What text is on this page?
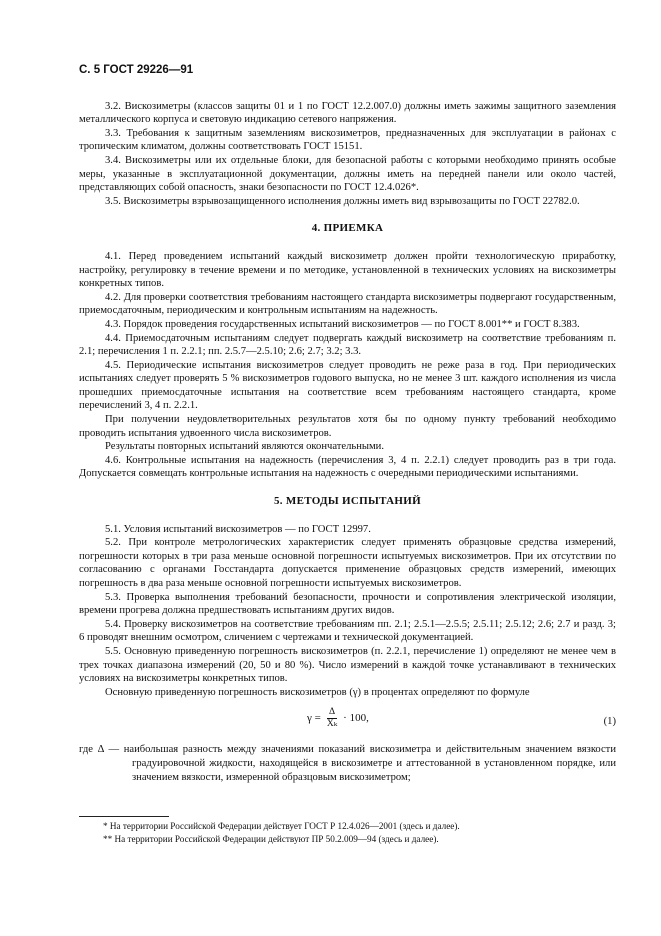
С. 5 ГОСТ 29226—91

3.2. Вискозиметры (классов защиты 01 и 1 по ГОСТ 12.2.007.0) должны иметь зажимы защитного заземления металлического корпуса и световую индикацию сетевого напряжения.

3.3. Требования к защитным заземлениям вискозиметров, предназначенных для эксплуатации в районах с тропическим климатом, должны соответствовать ГОСТ 15151.

3.4. Вискозиметры или их отдельные блоки, для безопасной работы с которыми необходимо принять особые меры, указанные в эксплуатационной документации, должны иметь на передней панели или около частей, представляющих собой опасность, знаки безопасности по ГОСТ 12.4.026*.

3.5. Вискозиметры взрывозащищенного исполнения должны иметь вид взрывозащиты по ГОСТ 22782.0.

4. ПРИЕМКА

4.1. Перед проведением испытаний каждый вискозиметр должен пройти технологическую приработку, настройку, регулировку в течение времени и по методике, установленной в технических условиях на вискозиметры конкретных типов.

4.2. Для проверки соответствия требованиям настоящего стандарта вискозиметры подвергают государственным, приемосдаточным, периодическим и контрольным испытаниям на надежность.

4.3. Порядок проведения государственных испытаний вискозиметров — по ГОСТ 8.001** и ГОСТ 8.383.

4.4. Приемосдаточным испытаниям следует подвергать каждый вискозиметр на соответствие требованиям п. 2.1; перечисления 1 п. 2.2.1; пп. 2.5.7—2.5.10; 2.6; 2.7; 3.2; 3.3.

4.5. Периодические испытания вискозиметров следует проводить не реже раза в год. При периодических испытаниях следует проверять 5 % вискозиметров годового выпуска, но не менее 3 шт. каждого исполнения из числа прошедших приемосдаточные испытания на соответствие всем требованиям настоящего стандарта, кроме перечислений 3, 4 п. 2.2.1.

При получении неудовлетворительных результатов хотя бы по одному пункту требований необходимо проводить испытания удвоенного числа вискозиметров.

Результаты повторных испытаний являются окончательными.

4.6. Контрольные испытания на надежность (перечисления 3, 4 п. 2.2.1) следует проводить раз в три года. Допускается совмещать контрольные испытания на надежность с очередными периодическими испытаниями.

5. МЕТОДЫ ИСПЫТАНИЙ

5.1. Условия испытаний вискозиметров — по ГОСТ 12997.

5.2. При контроле метрологических характеристик следует применять образцовые средства измерений, погрешности которых в три раза меньше основной погрешности испытуемых вискозиметров. При их отсутствии по согласованию с органами Госстандарта допускается применение образцовых средств измерений, имеющих погрешность в два раза меньше основной погрешности испытуемых вискозиметров.

5.3. Проверка выполнения требований безопасности, прочности и сопротивления электрической изоляции, времени прогрева должна предшествовать испытаниям других видов.

5.4. Проверку вискозиметров на соответствие требованиям пп. 2.1; 2.5.1—2.5.5; 2.5.11; 2.5.12; 2.6; 2.7 и разд. 3; 6 проводят внешним осмотром, сличением с чертежами и технической документацией.

5.5. Основную приведенную погрешность вискозиметров (п. 2.2.1, перечисление 1) определяют не менее чем в трех точках диапазона измерений (20, 50 и 80 %). Число измерений в каждой точке устанавливают в технических условиях на вискозиметры конкретных типов.

Основную приведенную погрешность вискозиметров (γ) в процентах определяют по формуле

$\gamma = \frac{\Delta}{\text{Xₖ}} \cdot 100$,	(1)

где Δ — наибольшая разность между значениями показаний вискозиметра и действительным значением вязкости градуировочной жидкости, находящейся в вискозиметре и аттестованной в установленном порядке, или значением вязкости, измеренной образцовым вискозиметром;

* На территории Российской Федерации действует ГОСТ Р 12.4.026—2001 (здесь и далее).

** На территории Российской Федерации действуют ПР 50.2.009—94 (здесь и далее).
